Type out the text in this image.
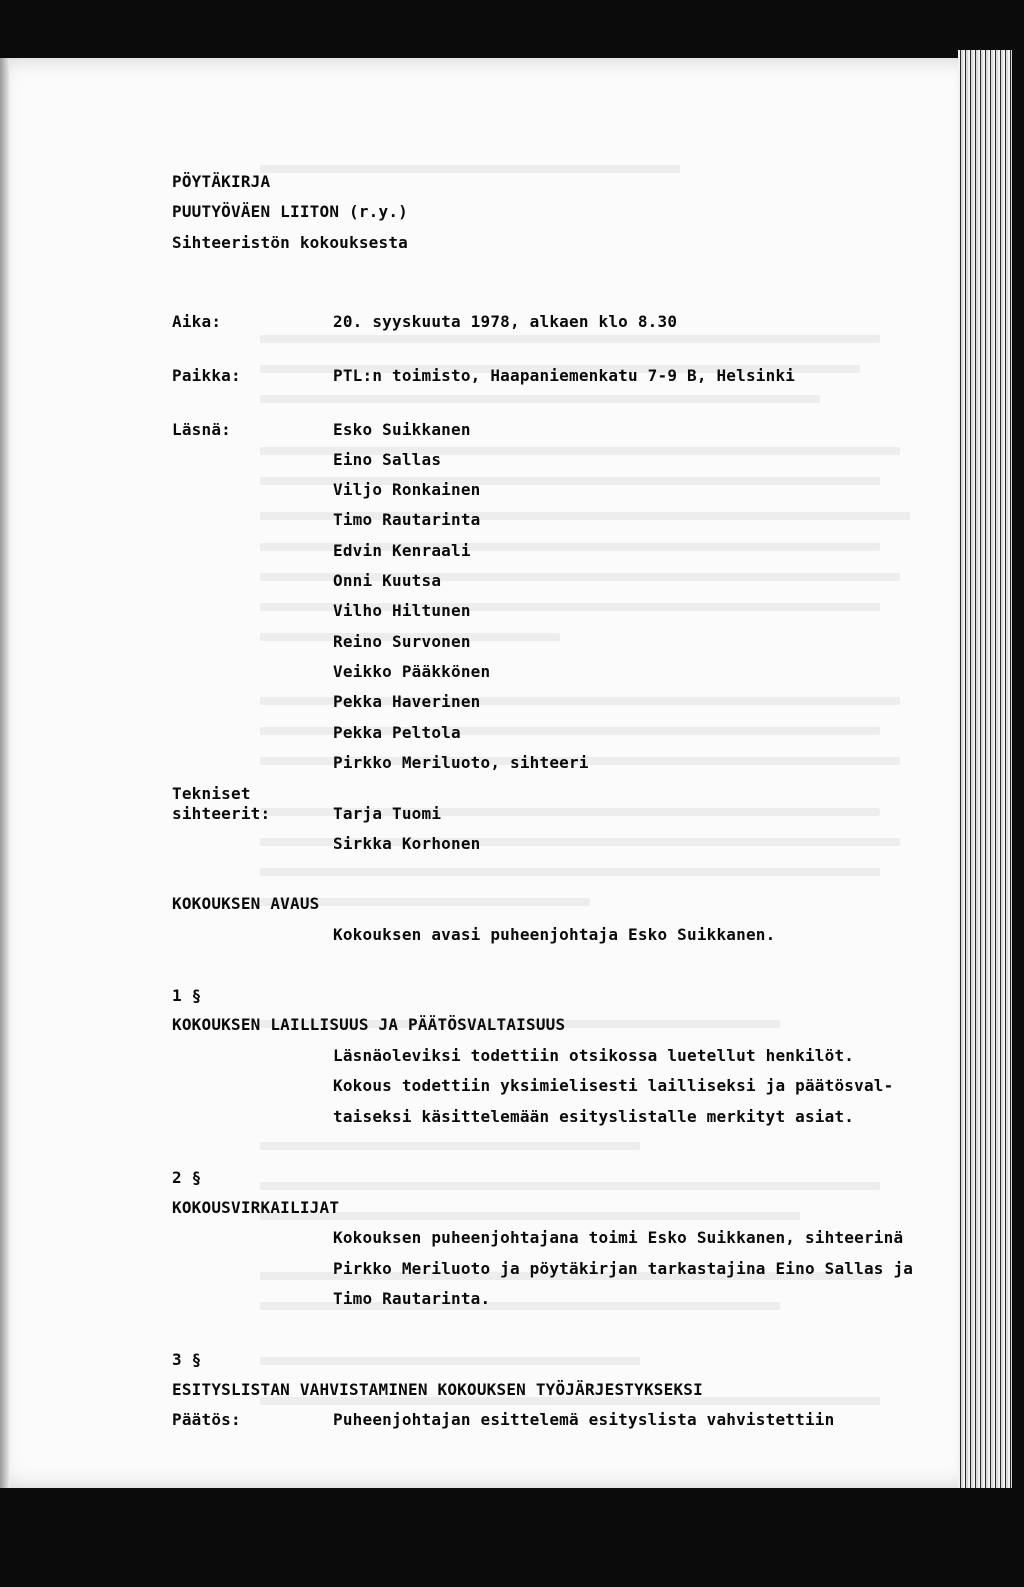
PÖYTÄKIRJA

PUUTYÖVÄEN LIITON (r.y.)

Sihteeristön kokouksesta

Aika:	20. syyskuuta 1978, alkaen klo 8.30

Paikka:	PTL:n toimisto, Haapaniemenkatu 7-9 B, Helsinki

Läsnä:	Esko Suikkanen

Eino Sallas

Viljo Ronkainen

Timo Rautarinta

Edvin Kenraali

Onni Kuutsa

Vilho Hiltunen

Reino Survonen

Veikko Pääkkönen

Pekka Haverinen

Pekka Peltola

Pirkko Meriluoto, sihteeri

Tekniset

sihteerit:	Tarja Tuomi

Sirkka Korhonen

KOKOUKSEN AVAUS

Kokouksen avasi puheenjohtaja Esko Suikkanen.

1 §

KOKOUKSEN LAILLISUUS JA PÄÄTÖSVALTAISUUS

Läsnäoleviksi todettiin otsikossa luetellut henkilöt.

Kokous todettiin yksimielisesti lailliseksi ja päätösval-

taiseksi käsittelemään esityslistalle merkityt asiat.

2 §

KOKOUSVIRKAILIJAT

Kokouksen puheenjohtajana toimi Esko Suikkanen, sihteerinä

Pirkko Meriluoto ja pöytäkirjan tarkastajina Eino Sallas ja

Timo Rautarinta.

3 §

ESITYSLISTAN VAHVISTAMINEN KOKOUKSEN TYÖJÄRJESTYKSEKSI

Päätös:	Puheenjohtajan esittelemä esityslista vahvistettiin
